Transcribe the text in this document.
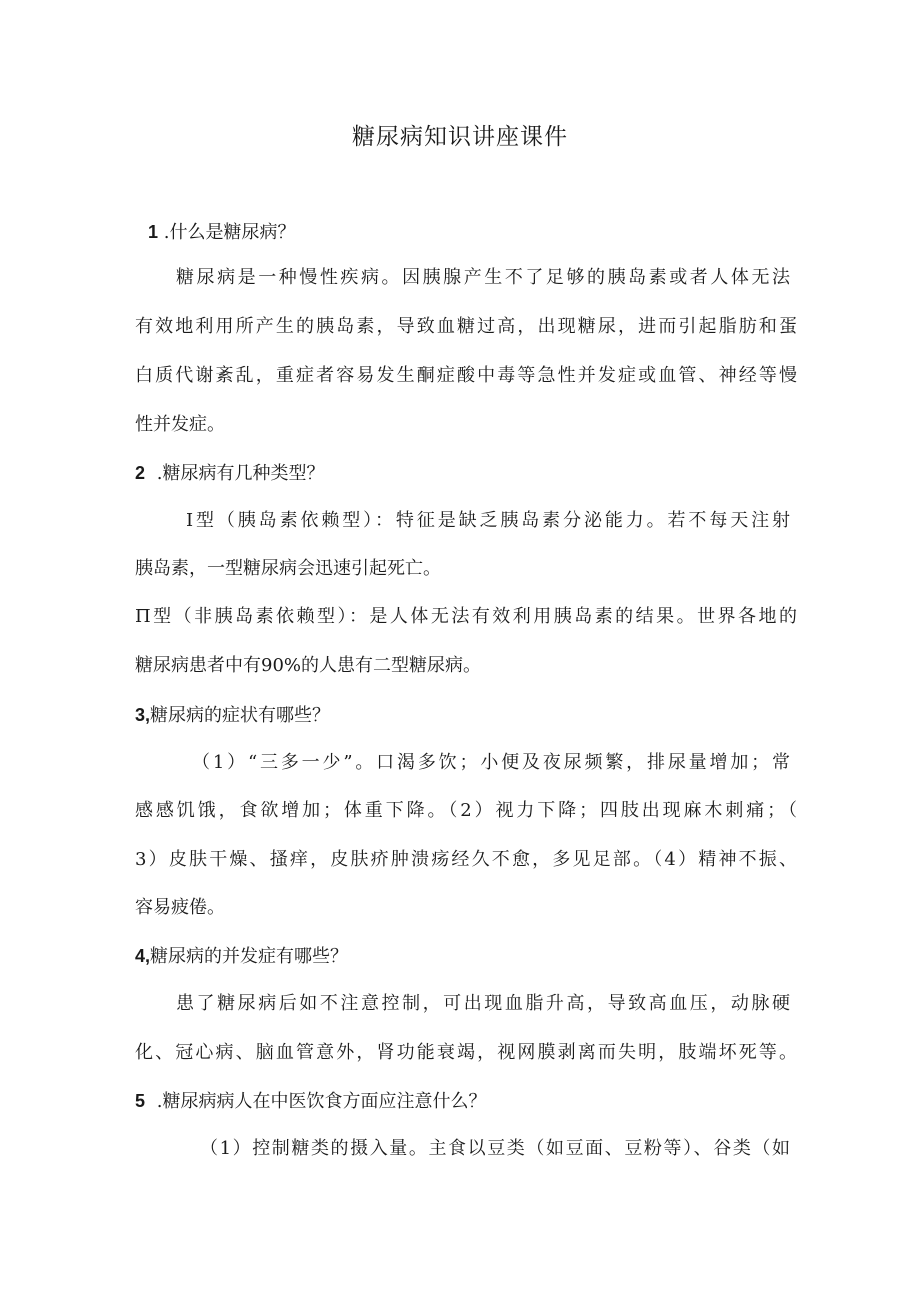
糖尿病知识讲座课件
1 .什么是糖尿病？
糖尿病是一种慢性疾病。因胰腺产生不了足够的胰岛素或者人体无法
有效地利用所产生的胰岛素，导致血糖过高，出现糖尿，进而引起脂肪和蛋
白质代谢紊乱，重症者容易发生酮症酸中毒等急性并发症或血管、神经等慢
性并发症。
2 .糖尿病有几种类型？
Ⅰ型（胰岛素依赖型）：特征是缺乏胰岛素分泌能力。若不每天注射
胰岛素，一型糖尿病会迅速引起死亡。
Π型（非胰岛素依赖型）：是人体无法有效利用胰岛素的结果。世界各地的
糖尿病患者中有90%的人患有二型糖尿病。
3,糖尿病的症状有哪些？
（1）“三多一少”。口渴多饮；小便及夜尿频繁，排尿量增加；常
感感饥饿，食欲增加；体重下降。（2）视力下降；四肢出现麻木刺痛；（
3）皮肤干燥、搔痒，皮肤疥肿溃疡经久不愈，多见足部。（4）精神不振、
容易疲倦。
4,糖尿病的并发症有哪些？
患了糖尿病后如不注意控制，可出现血脂升高，导致高血压，动脉硬
化、冠心病、脑血管意外，肾功能衰竭，视网膜剥离而失明，肢端坏死等。
5 .糖尿病病人在中医饮食方面应注意什么？
（1）控制糖类的摄入量。主食以豆类（如豆面、豆粉等）、谷类（如
